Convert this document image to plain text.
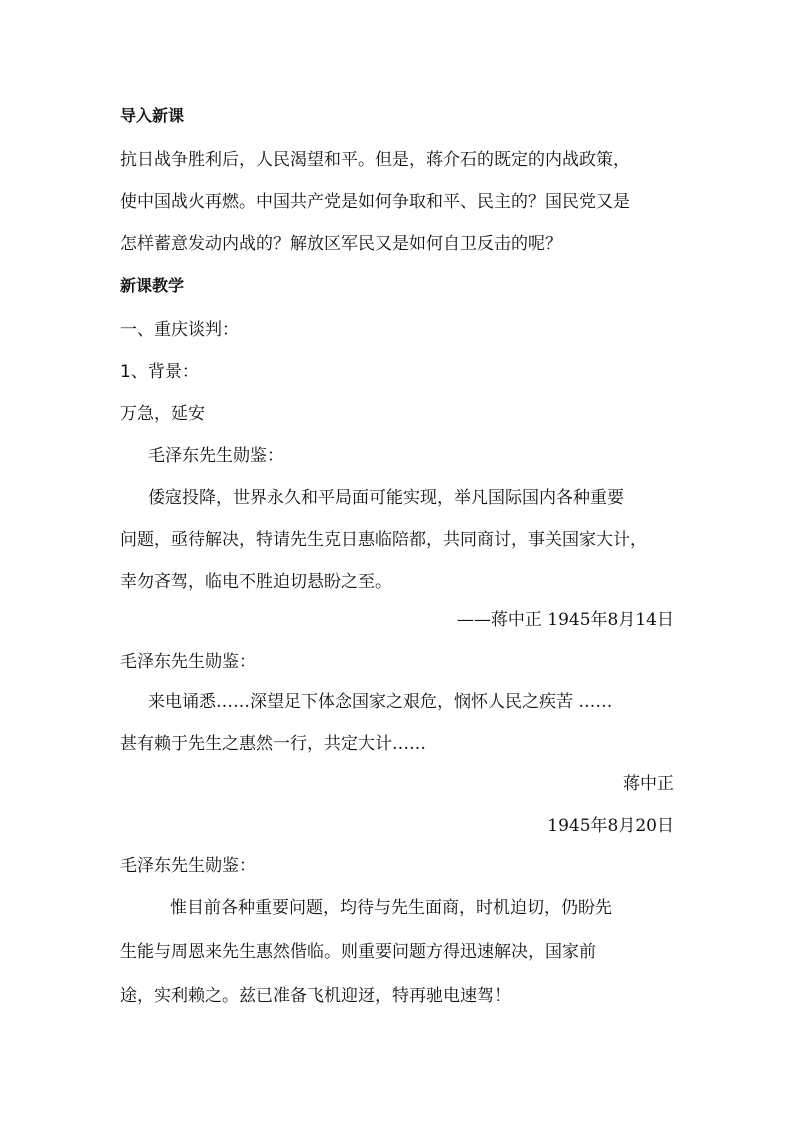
导入新课
抗日战争胜利后，人民渴望和平。但是，蒋介石的既定的内战政策，
使中国战火再燃。中国共产党是如何争取和平、民主的？国民党又是
怎样蓄意发动内战的？解放区军民又是如何自卫反击的呢？
新课教学
一、重庆谈判：
1、背景：
万急，延安
毛泽东先生勋鉴：
倭寇投降，世界永久和平局面可能实现，举凡国际国内各种重要
问题，亟待解决，特请先生克日惠临陪都，共同商讨，事关国家大计，
幸勿吝驾，临电不胜迫切悬盼之至。
——蒋中正 1945年8月14日
毛泽东先生勋鉴：
来电诵悉……深望足下体念国家之艰危，悯怀人民之疾苦 ……
甚有赖于先生之惠然一行，共定大计……
蒋中正
1945年8月20日
毛泽东先生勋鉴：
惟目前各种重要问题，均待与先生面商，时机迫切，仍盼先
生能与周恩来先生惠然偕临。则重要问题方得迅速解决，国家前
途，实利赖之。兹已准备飞机迎迓，特再驰电速驾！
